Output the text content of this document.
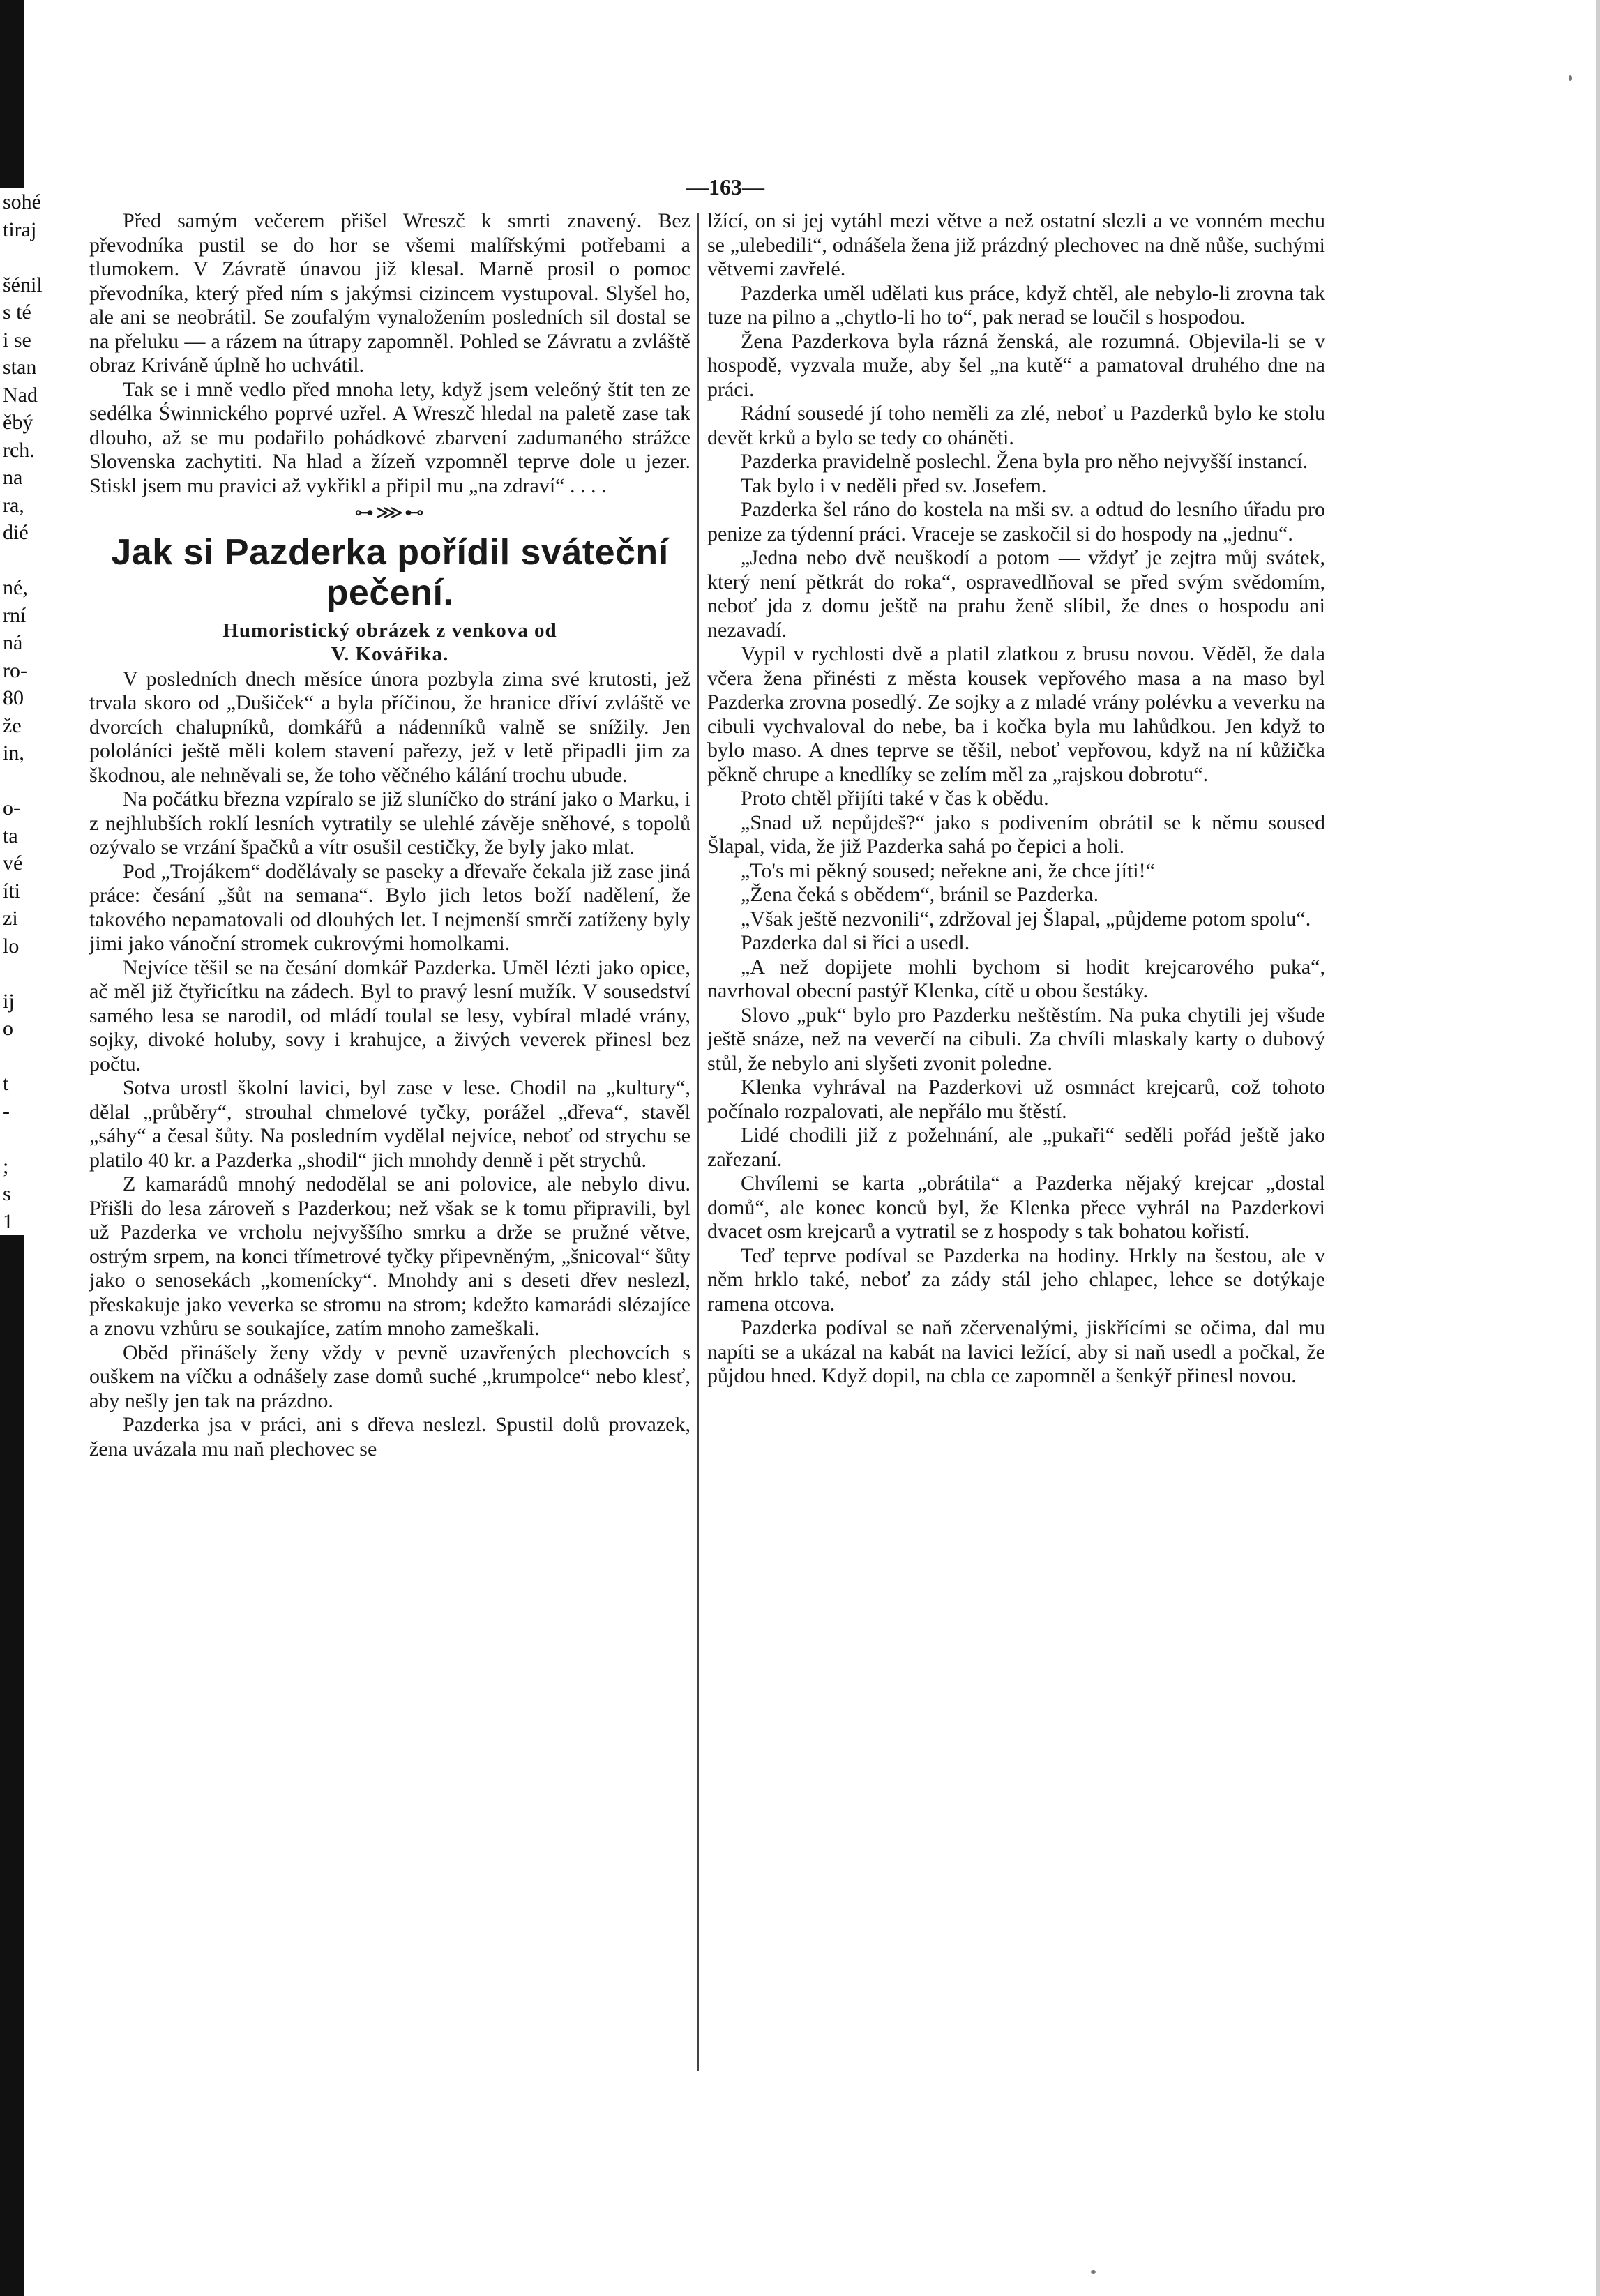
sohé
tiraj

šénil
s té
i se
stan
Nad
ěbý
rch.
na
ra,
dié

né,
rní
ná
ro-
80
že
in,

o-
ta
vé
íti
zi
lo

ij
o

t
-

;
s
1
—163—

Před samým večerem přišel Wreszč k smrti znavený. Bez převodníka pustil se do hor se všemi malířskými potřebami a tlumokem. V Závratě únavou již klesal. Marně prosil o pomoc převodníka, který před ním s jakýmsi cizincem vystupoval. Slyšel ho, ale ani se neobrátil. Se zoufalým vynaložením posledních sil dostal se na přeluku — a rázem na útrapy zapomněl. Pohled se Závratu a zvláště obraz Kriváně úplně ho uchvátil.

Tak se i mně vedlo před mnoha lety, když jsem veleőný štít ten ze sedélka Świnnického poprvé uzřel. A Wreszč hledal na paletě zase tak dlouho, až se mu podařilo pohádkové zbarvení zadumaného strážce Slovenska zachytiti. Na hlad a žízeň vzpomněl teprve dole u jezer. Stiskl jsem mu pravici až vykřikl a připil mu „na zdraví“ . . . .

⊶⋙⊷
Jak si Pazderka pořídil sváteční pečení.
Humoristický obrázek z venkova od
V. Kovářika.

V posledních dnech měsíce února pozbyla zima své krutosti, jež trvala skoro od „Dušiček“ a byla příčinou, že hranice dříví zvláště ve dvorcích chalupníků, domkářů a nádenníků valně se snížily. Jen pololáníci ještě měli kolem stavení pařezy, jež v letě připadli jim za škodnou, ale nehněvali se, že toho věčného kálání trochu ubude.

Na počátku března vzpíralo se již sluníčko do strání jako o Marku, i z nejhlubších roklí lesních vytratily se ulehlé závěje sněhové, s topolů ozývalo se vrzání špačků a vítr osušil cestičky, že byly jako mlat.

Pod „Trojákem“ dodělávaly se paseky a dřevaře čekala již zase jiná práce: česání „šůt na semana“. Bylo jich letos boží nadělení, že takového nepamatovali od dlouhých let. I nejmenší smrčí zatíženy byly jimi jako vánoční stromek cukrovými homolkami.

Nejvíce těšil se na česání domkář Pazderka. Uměl lézti jako opice, ač měl již čtyřicítku na zádech. Byl to pravý lesní mužík. V sousedství samého lesa se narodil, od mládí toulal se lesy, vybíral mladé vrány, sojky, divoké holuby, sovy i krahujce, a živých veverek přinesl bez počtu.

Sotva urostl školní lavici, byl zase v lese. Chodil na „kultury“, dělal „průběry“, strouhal chmelové tyčky, porážel „dřeva“, stavěl „sáhy“ a česal šůty. Na posledním vydělal nejvíce, neboť od strychu se platilo 40 kr. a Pazderka „shodil“ jich mnohdy denně i pět strychů.

Z kamarádů mnohý nedodělal se ani polovice, ale nebylo divu. Přišli do lesa zároveň s Pazderkou; než však se k tomu připravili, byl už Pazderka ve vrcholu nejvyššího smrku a drže se pružné větve, ostrým srpem, na konci třímetrové tyčky připevněným, „šnicoval“ šůty jako o senosekách „komenícky“. Mnohdy ani s deseti dřev neslezl, přeskakuje jako veverka se stromu na strom; kdežto kamarádi slézajíce a znovu vzhůru se soukajíce, zatím mnoho zameškali.

Oběd přinášely ženy vždy v pevně uzavřených plechovcích s ouškem na víčku a odnášely zase domů suché „krumpolce“ nebo klesť, aby nešly jen tak na prázdno.

Pazderka jsa v práci, ani s dřeva neslezl. Spustil dolů provazek, žena uvázala mu naň plechovec se

lžící, on si jej vytáhl mezi větve a než ostatní slezli a ve vonném mechu se „ulebedili“, odnášela žena již prázdný plechovec na dně nůše, suchými větvemi zavřelé.

Pazderka uměl udělati kus práce, když chtěl, ale nebylo-li zrovna tak tuze na pilno a „chytlo-li ho to“, pak nerad se loučil s hospodou.

Žena Pazderkova byla rázná ženská, ale rozumná. Objevila-li se v hospodě, vyzvala muže, aby šel „na kutě“ a pamatoval druhého dne na práci.

Rádní sousedé jí toho neměli za zlé, neboť u Pazderků bylo ke stolu devět krků a bylo se tedy co oháněti.

Pazderka pravidelně poslechl. Žena byla pro něho nejvyšší instancí.

Tak bylo i v neděli před sv. Josefem.

Pazderka šel ráno do kostela na mši sv. a odtud do lesního úřadu pro penize za týdenní práci. Vraceje se zaskočil si do hospody na „jednu“.

„Jedna nebo dvě neuškodí a potom — vždyť je zejtra můj svátek, který není pětkrát do roka“, ospravedlňoval se před svým svědomím, neboť jda z domu ještě na prahu ženě slíbil, že dnes o hospodu ani nezavadí.

Vypil v rychlosti dvě a platil zlatkou z brusu novou. Věděl, že dala včera žena přinésti z města kousek vepřového masa a na maso byl Pazderka zrovna posedlý. Ze sojky a z mladé vrány polévku a veverku na cibuli vychvaloval do nebe, ba i kočka byla mu lahůdkou. Jen když to bylo maso. A dnes teprve se těšil, neboť vepřovou, když na ní kůžička pěkně chrupe a knedlíky se zelím měl za „rajskou dobrotu“.

Proto chtěl přijíti také v čas k obědu.

„Snad už nepůjdeš?“ jako s podivením obrátil se k němu soused Šlapal, vida, že již Pazderka sahá po čepici a holi.

„To's mi pěkný soused; neřekne ani, že chce jíti!“

„Žena čeká s obědem“, bránil se Pazderka.

„Však ještě nezvonili“, zdržoval jej Šlapal, „půjdeme potom spolu“.

Pazderka dal si říci a usedl.

„A než dopijete mohli bychom si hodit krejcarového puka“, navrhoval obecní pastýř Klenka, cítě u obou šestáky.

Slovo „puk“ bylo pro Pazderku neštěstím. Na puka chytili jej všude ještě snáze, než na veverčí na cibuli. Za chvíli mlaskaly karty o dubový stůl, že nebylo ani slyšeti zvonit poledne.

Klenka vyhrával na Pazderkovi už osmnáct krejcarů, což tohoto počínalo rozpalovati, ale nepřálo mu štěstí.

Lidé chodili již z požehnání, ale „pukaři“ seděli pořád ještě jako zařezaní.

Chvílemi se karta „obrátila“ a Pazderka nějaký krejcar „dostal domů“, ale konec konců byl, že Klenka přece vyhrál na Pazderkovi dvacet osm krejcarů a vytratil se z hospody s tak bohatou kořistí.

Teď teprve podíval se Pazderka na hodiny. Hrkly na šestou, ale v něm hrklo také, neboť za zády stál jeho chlapec, lehce se dotýkaje ramena otcova.

Pazderka podíval se naň zčervenalými, jiskřícími se očima, dal mu napíti se a ukázal na kabát na lavici ležící, aby si naň usedl a počkal, že půjdou hned. Když dopil, na cbla ce zapomněl a šenkýř přinesl novou.
